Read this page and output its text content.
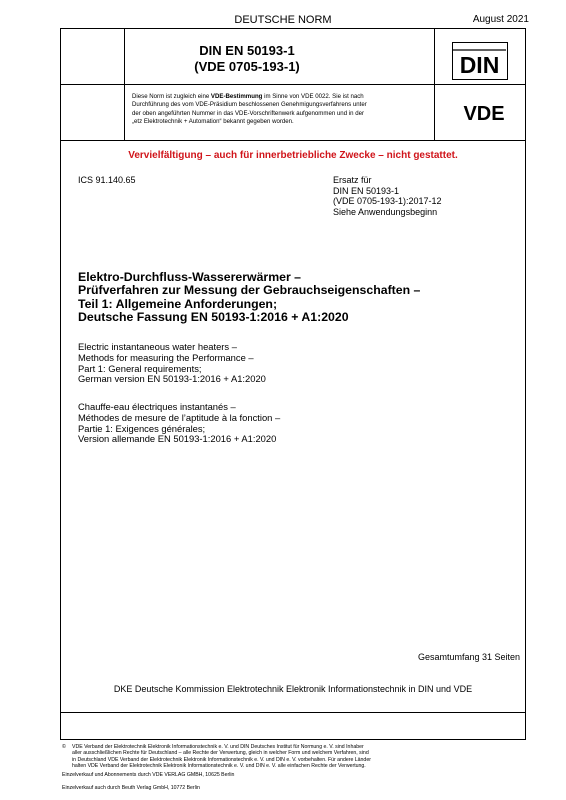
DEUTSCHE NORM	August 2021
DIN EN 50193-1
(VDE 0705-193-1)	DIN
Diese Norm ist zugleich eine VDE-Bestimmung im Sinne von VDE 0022. Sie ist nach
Durchführung des vom VDE-Präsidium beschlossenen Genehmigungsverfahrens unter
der oben angeführten Nummer in das VDE-Vorschriftenwerk aufgenommen und in der
„etz Elektrotechnik + Automation“ bekannt gegeben worden.	VDE
Vervielfältigung – auch für innerbetriebliche Zwecke – nicht gestattet.
ICS 91.140.65	Ersatz für
DIN EN 50193-1
(VDE 0705-193-1):2017-12
Siehe Anwendungsbeginn
Elektro-Durchfluss-Wassererwärmer –
Prüfverfahren zur Messung der Gebrauchseigenschaften –
Teil 1: Allgemeine Anforderungen;
Deutsche Fassung EN 50193-1:2016 + A1:2020
Electric instantaneous water heaters –
Methods for measuring the Performance –
Part 1: General requirements;
German version EN 50193-1:2016 + A1:2020
Chauffe-eau électriques instantanés –
Méthodes de mesure de l’aptitude à la fonction –
Partie 1: Exigences générales;
Version allemande EN 50193-1:2016 + A1:2020
Gesamtumfang 31 Seiten
DKE Deutsche Kommission Elektrotechnik Elektronik Informationstechnik in DIN und VDE
©	VDE Verband der Elektrotechnik Elektronik Informationstechnik e. V. und DIN Deutsches Institut für Normung e. V. sind Inhaber
aller ausschließlichen Rechte für Deutschland – alle Rechte der Verwertung, gleich in welcher Form und welchem Verfahren, sind
in Deutschland VDE Verband der Elektrotechnik Elektronik Informationstechnik e. V. und DIN e. V. vorbehalten. Für andere Länder
halten VDE Verband der Elektrotechnik Elektronik Informationstechnik e. V. und DIN e. V. alle einfachen Rechte der Verwertung.
Einzelverkauf und Abonnements durch VDE VERLAG GMBH, 10625 Berlin
Einzelverkauf auch durch Beuth Verlag GmbH, 10772 Berlin
